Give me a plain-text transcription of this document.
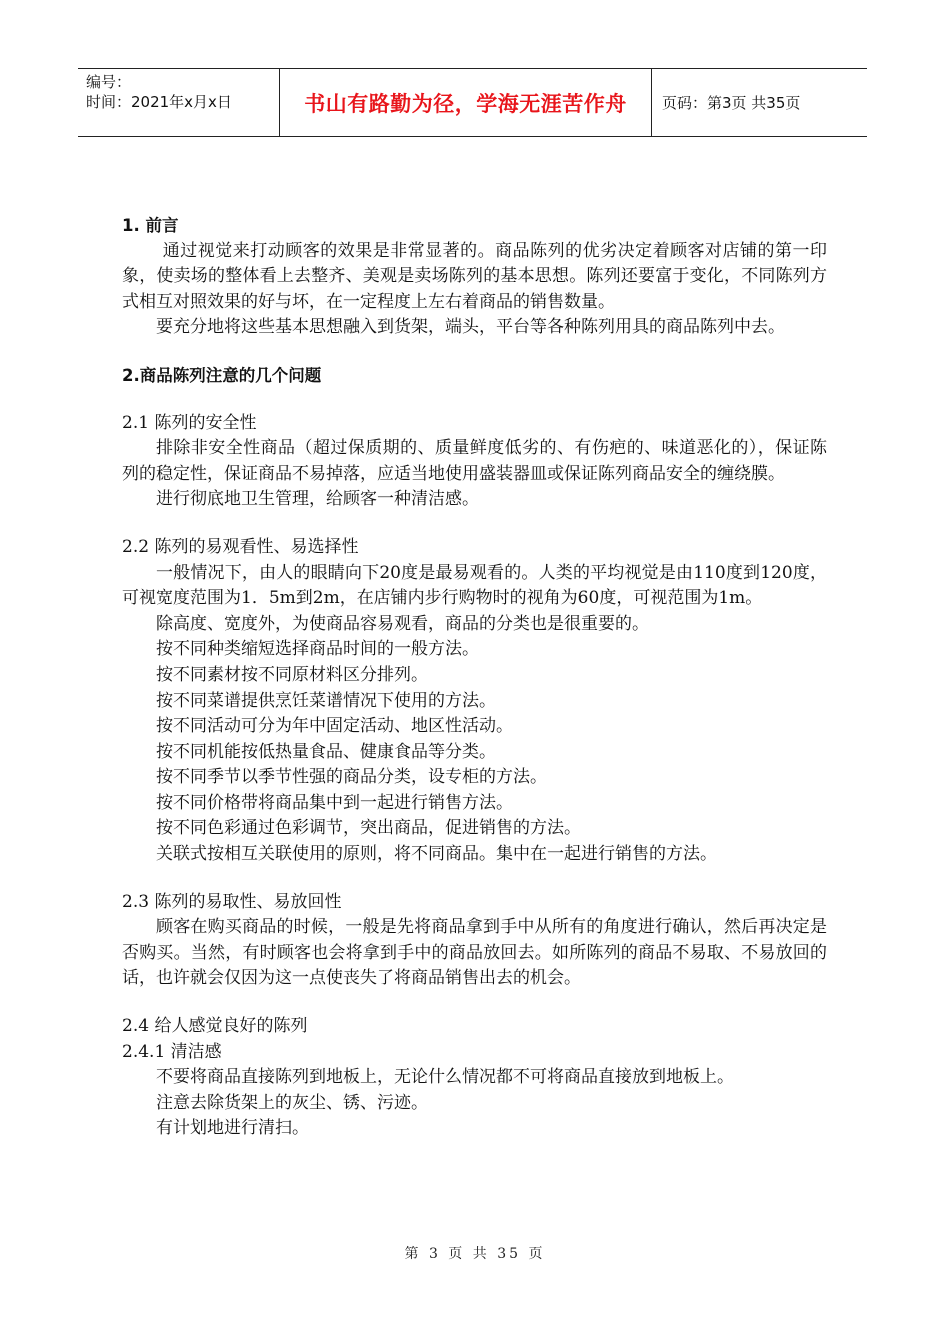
编号：
时间：2021年x月x日	书山有路勤为径，学海无涯苦作舟	页码：第3页 共35页

1. 前言

通过视觉来打动顾客的效果是非常显著的。商品陈列的优劣决定着顾客对店铺的第一印象，使卖场的整体看上去整齐、美观是卖场陈列的基本思想。陈列还要富于变化，不同陈列方式相互对照效果的好与坏，在一定程度上左右着商品的销售数量。

要充分地将这些基本思想融入到货架，端头，平台等各种陈列用具的商品陈列中去。

2.商品陈列注意的几个问题

2.1 陈列的安全性

排除非安全性商品（超过保质期的、质量鲜度低劣的、有伤疤的、味道恶化的），保证陈列的稳定性，保证商品不易掉落，应适当地使用盛装器皿或保证陈列商品安全的缠绕膜。

进行彻底地卫生管理，给顾客一种清洁感。

2.2 陈列的易观看性、易选择性

一般情况下，由人的眼睛向下20度是最易观看的。人类的平均视觉是由110度到120度，可视宽度范围为1．5m到2m，在店铺内步行购物时的视角为60度，可视范围为1m。

除高度、宽度外，为使商品容易观看，商品的分类也是很重要的。

按不同种类缩短选择商品时间的一般方法。

按不同素材按不同原材料区分排列。

按不同菜谱提供烹饪菜谱情况下使用的方法。

按不同活动可分为年中固定活动、地区性活动。

按不同机能按低热量食品、健康食品等分类。

按不同季节以季节性强的商品分类，设专柜的方法。

按不同价格带将商品集中到一起进行销售方法。

按不同色彩通过色彩调节，突出商品，促进销售的方法。

关联式按相互关联使用的原则，将不同商品。集中在一起进行销售的方法。

2.3 陈列的易取性、易放回性

顾客在购买商品的时候，一般是先将商品拿到手中从所有的角度进行确认，然后再决定是否购买。当然，有时顾客也会将拿到手中的商品放回去。如所陈列的商品不易取、不易放回的话，也许就会仅因为这一点使丧失了将商品销售出去的机会。

2.4 给人感觉良好的陈列

2.4.1 清洁感

不要将商品直接陈列到地板上，无论什么情况都不可将商品直接放到地板上。

注意去除货架上的灰尘、锈、污迹。

有计划地进行清扫。

第 3 页 共 35 页
